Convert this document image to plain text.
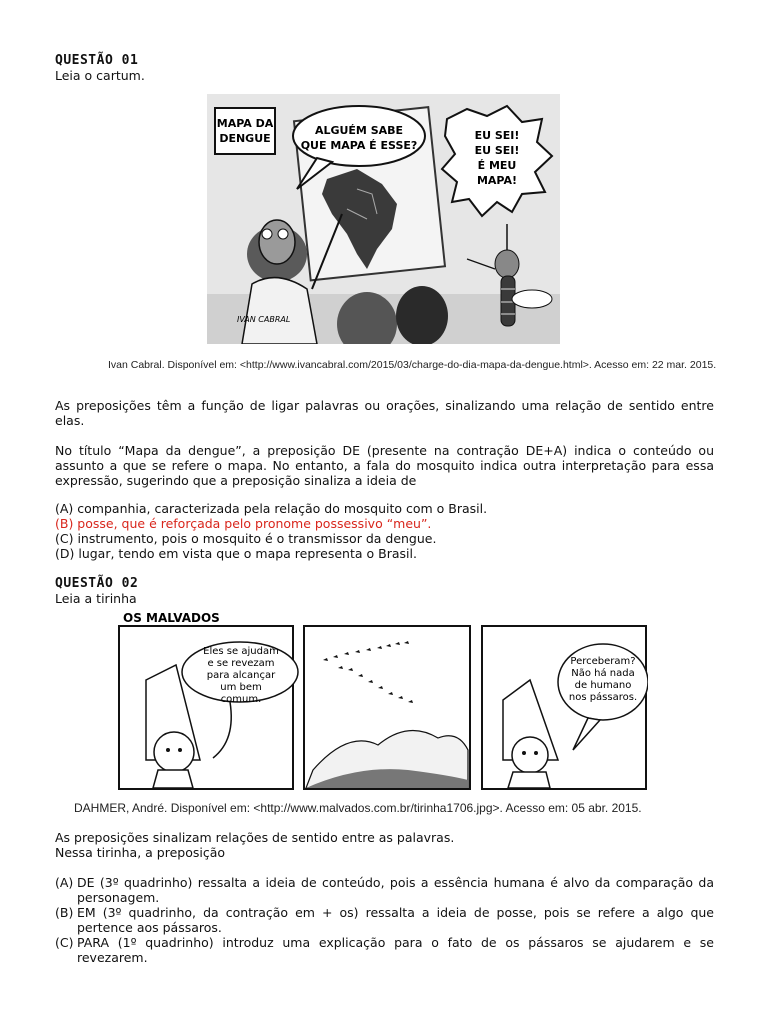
QUESTÃO 01
Leia o cartum.
MAPA DA
DENGUE
ALGUÉM SABE
QUE MAPA É ESSE?
EU SEI!
EU SEI!
É MEU
MAPA!
IVAN CABRAL
Ivan Cabral. Disponível em: <http://www.ivancabral.com/2015/03/charge-do-dia-mapa-da-dengue.html>. Acesso em: 22 mar. 2015.
As preposições têm a função de ligar palavras ou orações, sinalizando uma relação de sentido entre elas.
No título “Mapa da dengue”, a preposição DE (presente na contração DE+A) indica o conteúdo ou assunto a que se refere o mapa. No entanto, a fala do mosquito indica outra interpretação para essa expressão, sugerindo que a preposição sinaliza a ideia de
(A) companhia, caracterizada pela relação do mosquito com o Brasil.
(B) posse, que é reforçada pelo pronome possessivo “meu”.
(C) instrumento, pois o mosquito é o transmissor da dengue.
(D) lugar, tendo em vista que o mapa representa o Brasil.
QUESTÃO 02
Leia a tirinha
OS MALVADOS
Eles se ajudam
e se revezam
para alcançar
um bem
comum.
Perceberam?
Não há nada
de humano
nos pássaros.
DAHMER, André. Disponível em: <http://www.malvados.com.br/tirinha1706.jpg>. Acesso em: 05 abr. 2015.
As preposições sinalizam relações de sentido entre as palavras.
Nessa tirinha, a preposição
(A) DE (3º quadrinho) ressalta a ideia de conteúdo, pois a essência humana é alvo da comparação da personagem.
(B) EM (3º quadrinho, da contração em + os) ressalta a ideia de posse, pois se refere a algo que pertence aos pássaros.
(C) PARA (1º quadrinho) introduz uma explicação para o fato de os pássaros se ajudarem e se revezarem.
